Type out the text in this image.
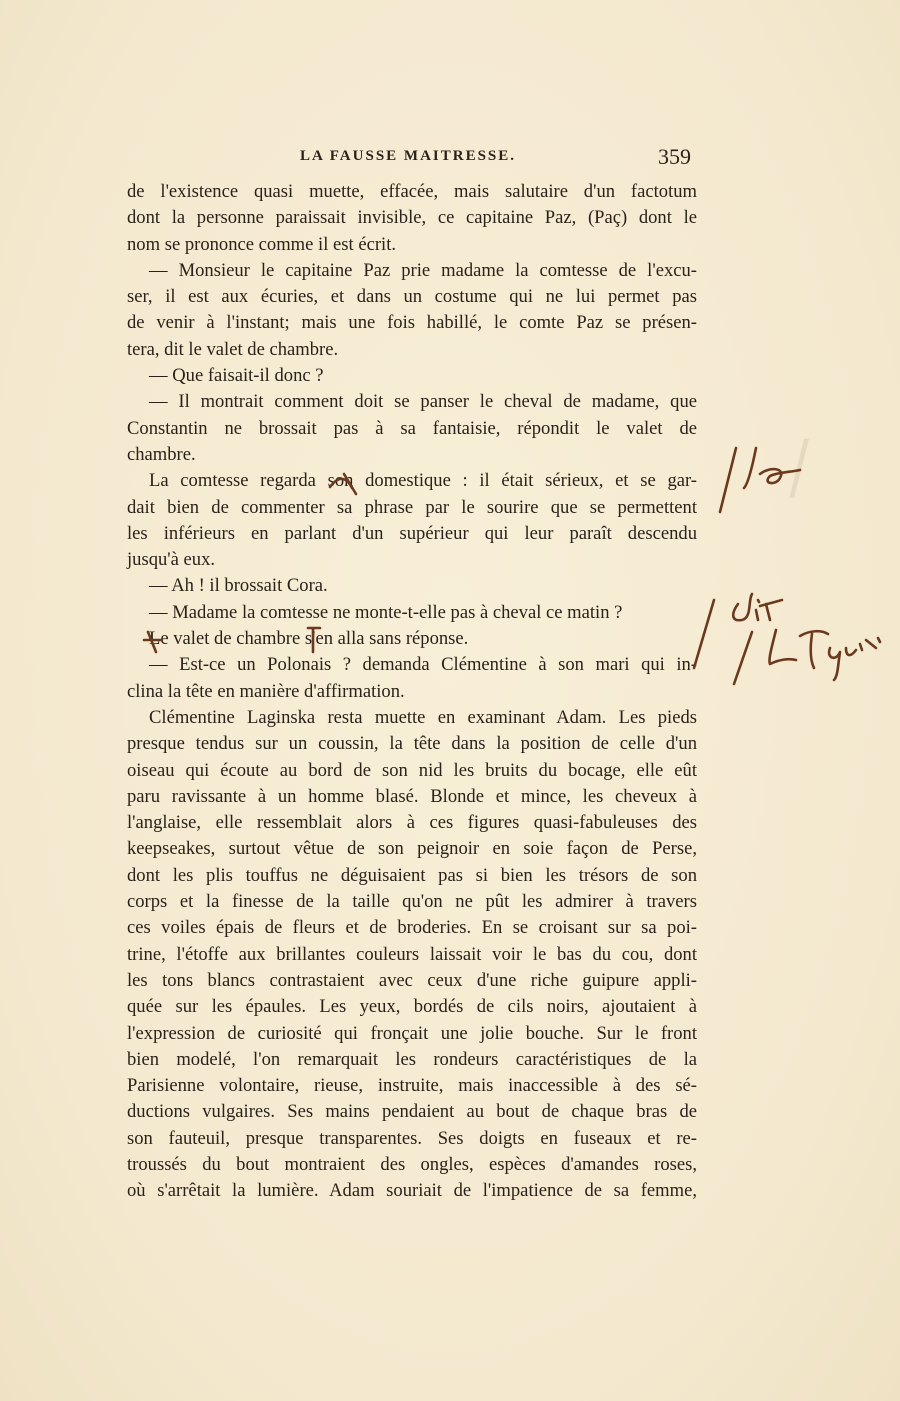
∣
LA FAUSSE MAITRESSE.	359
de l'existence quasi muette, effacée, mais salutaire d'un factotum
dont la personne paraissait invisible, ce capitaine Paz, (Paç) dont le
nom se prononce comme il est écrit.
— Monsieur le capitaine Paz prie madame la comtesse de l'excu-
ser, il est aux écuries, et dans un costume qui ne lui permet pas
de venir à l'instant; mais une fois habillé, le comte Paz se présen-
tera, dit le valet de chambre.
— Que faisait-il donc ?
— Il montrait comment doit se panser le cheval de madame, que
Constantin ne brossait pas à sa fantaisie, répondit le valet de
chambre.
La comtesse regarda son domestique : il était sérieux, et se gar-
dait bien de commenter sa phrase par le sourire que se permettent
les inférieurs en parlant d'un supérieur qui leur paraît descendu
jusqu'à eux.
— Ah ! il brossait Cora.
— Madame la comtesse ne monte-t-elle pas à cheval ce matin ?
Le valet de chambre s'en alla sans réponse.
— Est-ce un Polonais ? demanda Clémentine à son mari qui in-
clina la tête en manière d'affirmation.
Clémentine Laginska resta muette en examinant Adam. Les pieds
presque tendus sur un coussin, la tête dans la position de celle d'un
oiseau qui écoute au bord de son nid les bruits du bocage, elle eût
paru ravissante à un homme blasé. Blonde et mince, les cheveux à
l'anglaise, elle ressemblait alors à ces figures quasi-fabuleuses des
keepseakes, surtout vêtue de son peignoir en soie façon de Perse,
dont les plis touffus ne déguisaient pas si bien les trésors de son
corps et la finesse de la taille qu'on ne pût les admirer à travers
ces voiles épais de fleurs et de broderies. En se croisant sur sa poi-
trine, l'étoffe aux brillantes couleurs laissait voir le bas du cou, dont
les tons blancs contrastaient avec ceux d'une riche guipure appli-
quée sur les épaules. Les yeux, bordés de cils noirs, ajoutaient à
l'expression de curiosité qui fronçait une jolie bouche. Sur le front
bien modelé, l'on remarquait les rondeurs caractéristiques de la
Parisienne volontaire, rieuse, instruite, mais inaccessible à des sé-
ductions vulgaires. Ses mains pendaient au bout de chaque bras de
son fauteuil, presque transparentes. Ses doigts en fuseaux et re-
troussés du bout montraient des ongles, espèces d'amandes roses,
où s'arrêtait la lumière. Adam souriait de l'impatience de sa femme,
